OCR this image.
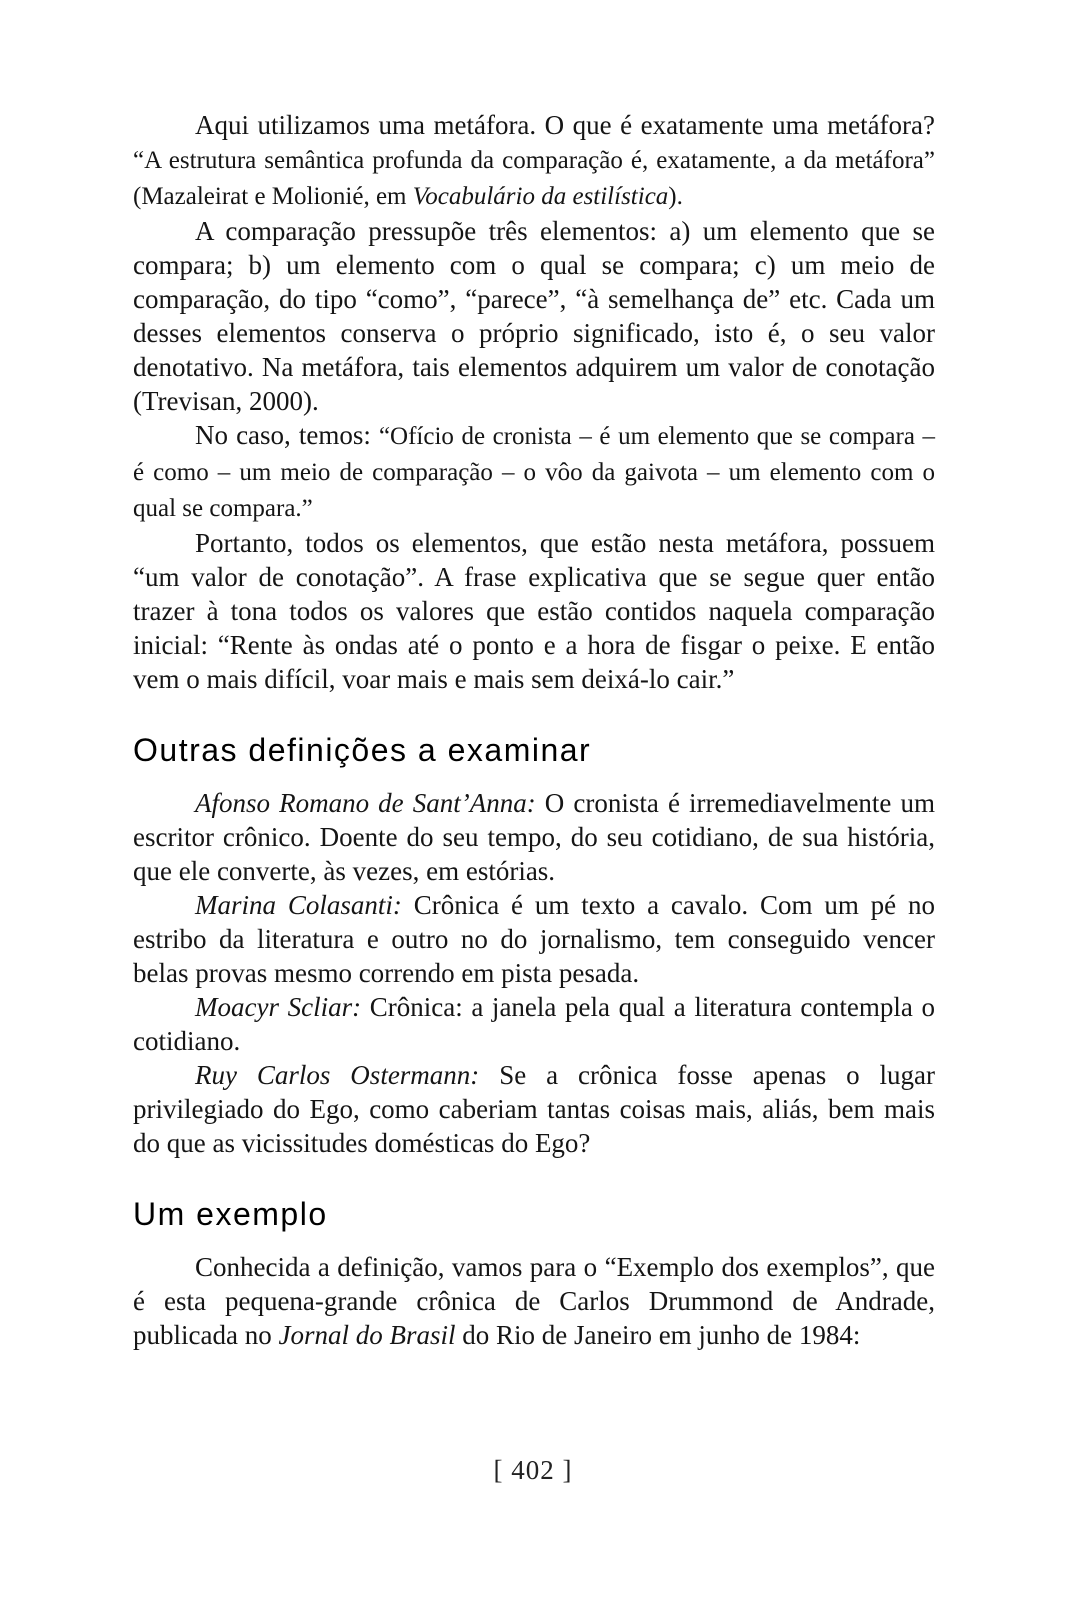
Aqui utilizamos uma metáfora. O que é exatamente uma metáfora? “A estrutura semântica profunda da comparação é, exatamente, a da metáfora” (Mazaleirat e Molionié, em Vocabulário da estilística).

A comparação pressupõe três elementos: a) um elemento que se compara; b) um elemento com o qual se compara; c) um meio de comparação, do tipo “como”, “parece”, “à semelhança de” etc. Cada um desses elementos conserva o próprio significado, isto é, o seu valor denotativo. Na metáfora, tais elementos adquirem um valor de conotação (Trevisan, 2000).

No caso, temos: “Ofício de cronista – é um elemento que se compara – é como – um meio de comparação – o vôo da gaivota – um elemento com o qual se compara.”

Portanto, todos os elementos, que estão nesta metáfora, possuem “um valor de conotação”. A frase explicativa que se segue quer então trazer à tona todos os valores que estão contidos naquela comparação inicial: “Rente às ondas até o ponto e a hora de fisgar o peixe. E então vem o mais difícil, voar mais e mais sem deixá-lo cair.”

Outras definições a examinar

Afonso Romano de Sant’Anna: O cronista é irremediavelmente um escritor crônico. Doente do seu tempo, do seu cotidiano, de sua história, que ele converte, às vezes, em estórias.

Marina Colasanti: Crônica é um texto a cavalo. Com um pé no estribo da literatura e outro no do jornalismo, tem conseguido vencer belas provas mesmo correndo em pista pesada.

Moacyr Scliar: Crônica: a janela pela qual a literatura contempla o cotidiano.

Ruy Carlos Ostermann: Se a crônica fosse apenas o lugar privilegiado do Ego, como caberiam tantas coisas mais, aliás, bem mais do que as vicissitudes domésticas do Ego?

Um exemplo

Conhecida a definição, vamos para o “Exemplo dos exemplos”, que é esta pequena-grande crônica de Carlos Drummond de Andrade, publicada no Jornal do Brasil do Rio de Janeiro em junho de 1984:

[ 402 ]
